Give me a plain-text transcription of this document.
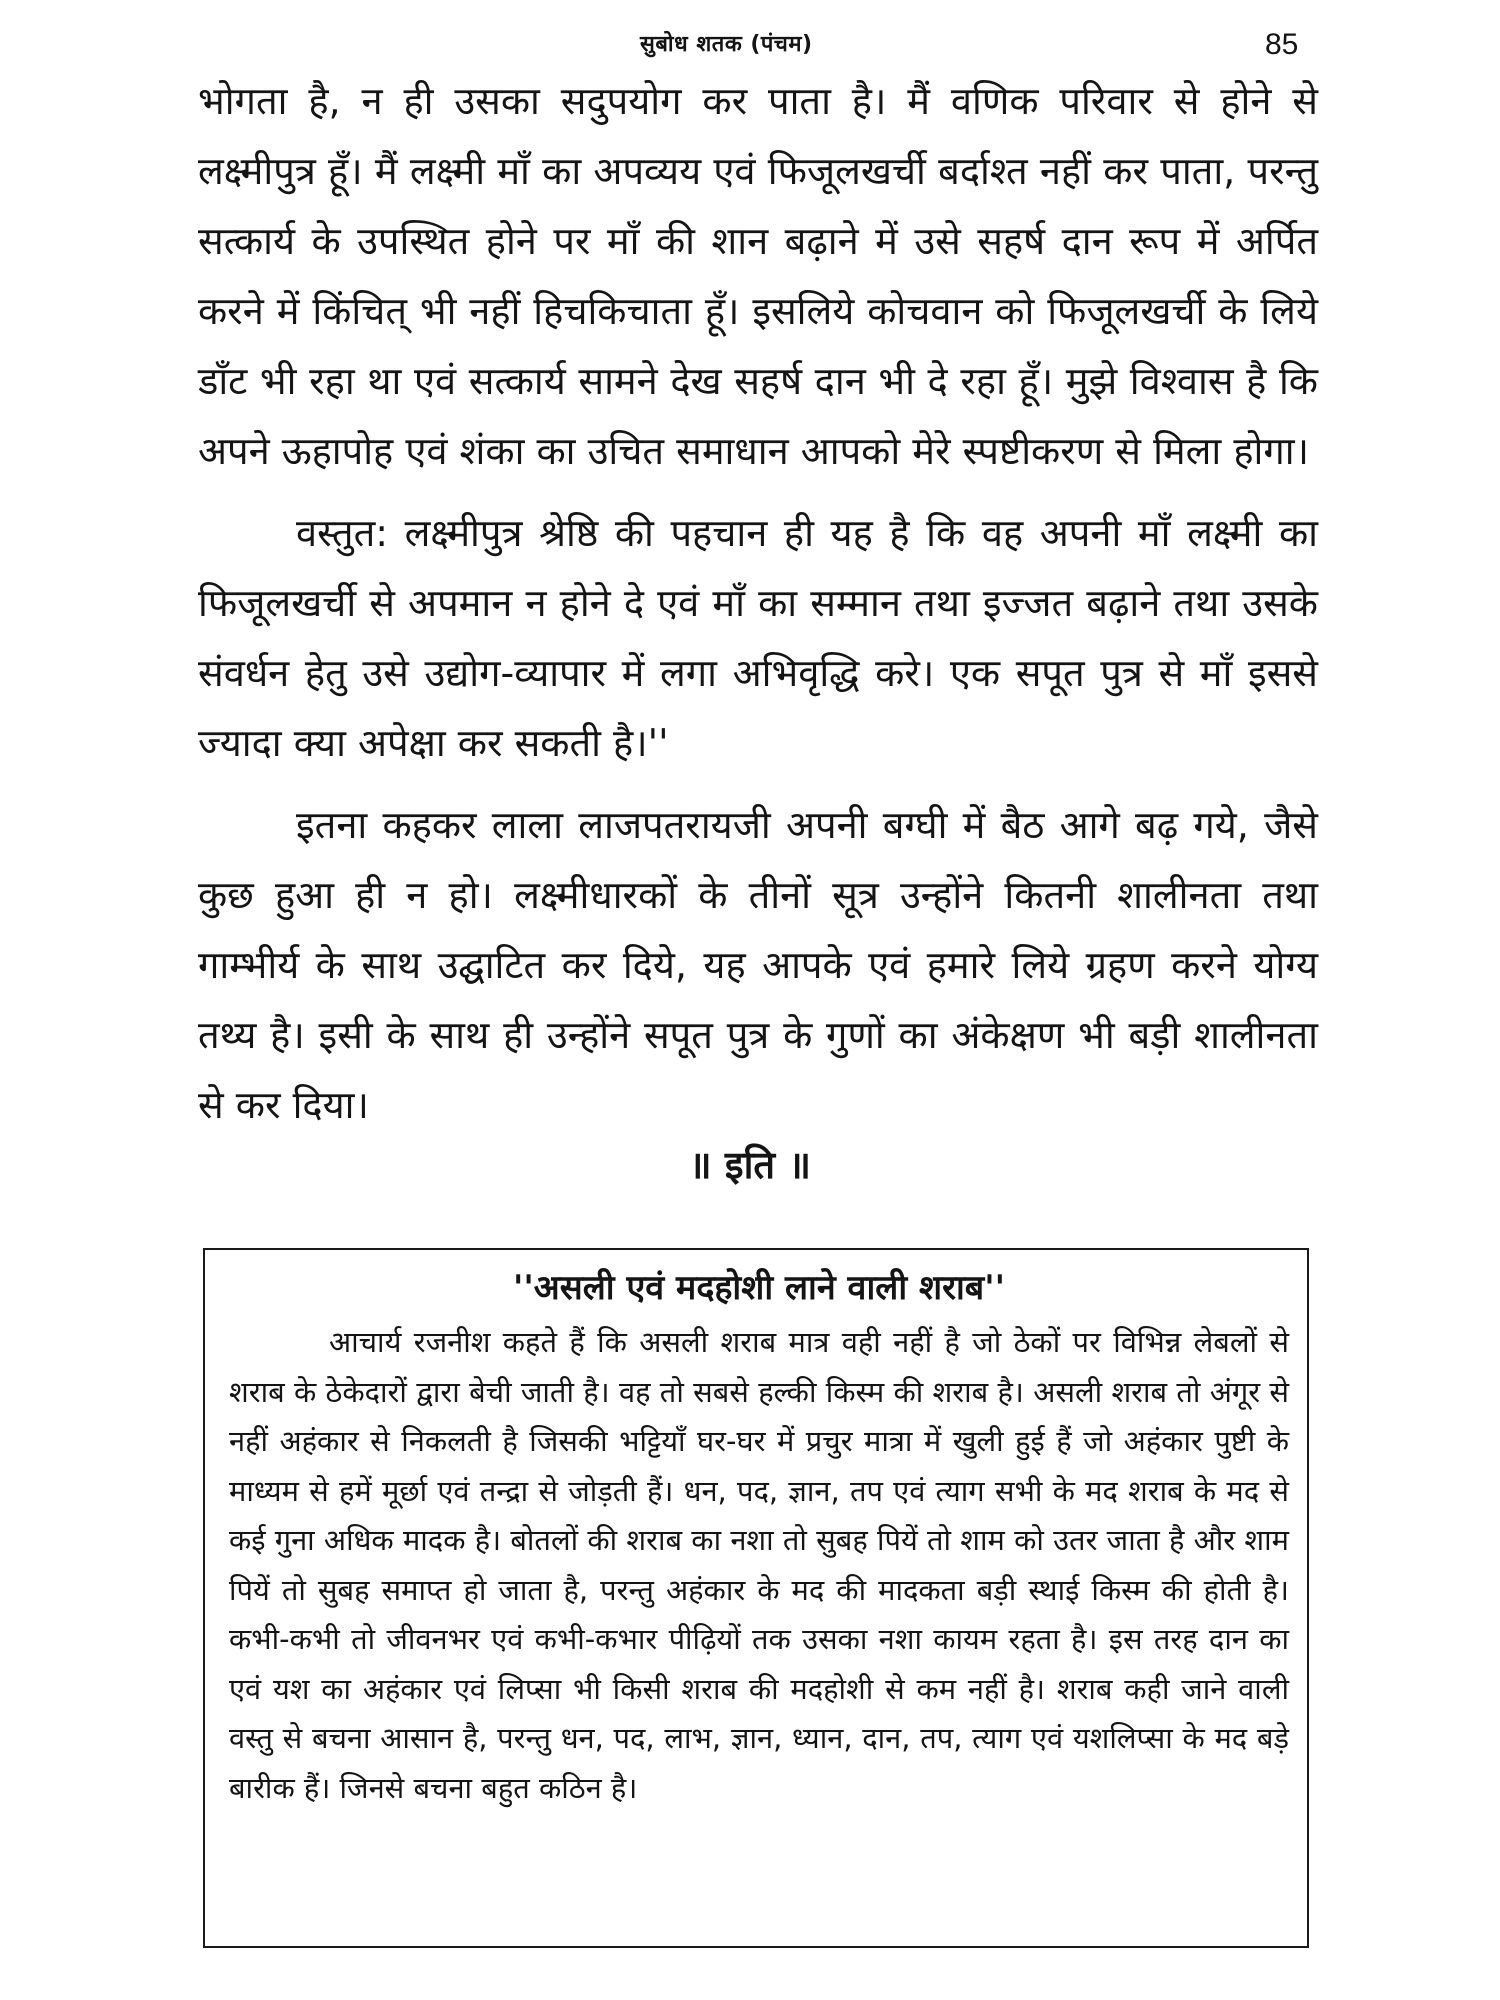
सुबोध शतक (पंचम)	85

भोगता है, न ही उसका सदुपयोग कर पाता है। मैं वणिक परिवार से होने से लक्ष्मीपुत्र हूँ। मैं लक्ष्मी माँ का अपव्यय एवं फिजूलखर्ची बर्दाश्त नहीं कर पाता, परन्तु सत्कार्य के उपस्थित होने पर माँ की शान बढ़ाने में उसे सहर्ष दान रूप में अर्पित करने में किंचित् भी नहीं हिचकिचाता हूँ। इसलिये कोचवान को फिजूलखर्ची के लिये डाँट भी रहा था एवं सत्कार्य सामने देख सहर्ष दान भी दे रहा हूँ। मुझे विश्वास है कि अपने ऊहापोह एवं शंका का उचित समाधान आपको मेरे स्पष्टीकरण से मिला होगा।

वस्तुत: लक्ष्मीपुत्र श्रेष्ठि की पहचान ही यह है कि वह अपनी माँ लक्ष्मी का फिजूलखर्ची से अपमान न होने दे एवं माँ का सम्मान तथा इज्जत बढ़ाने तथा उसके संवर्धन हेतु उसे उद्योग-व्यापार में लगा अभिवृद्धि करे। एक सपूत पुत्र से माँ इससे ज्यादा क्या अपेक्षा कर सकती है।''

इतना कहकर लाला लाजपतरायजी अपनी बग्घी में बैठ आगे बढ़ गये, जैसे कुछ हुआ ही न हो। लक्ष्मीधारकों के तीनों सूत्र उन्होंने कितनी शालीनता तथा गाम्भीर्य के साथ उद्घाटित कर दिये, यह आपके एवं हमारे लिये ग्रहण करने योग्य तथ्य है। इसी के साथ ही उन्होंने सपूत पुत्र के गुणों का अंकेक्षण भी बड़ी शालीनता से कर दिया।

॥ इति ॥

''असली एवं मदहोशी लाने वाली शराब''

आचार्य रजनीश कहते हैं कि असली शराब मात्र वही नहीं है जो ठेकों पर विभिन्न लेबलों से शराब के ठेकेदारों द्वारा बेची जाती है। वह तो सबसे हल्की किस्म की शराब है। असली शराब तो अंगूर से नहीं अहंकार से निकलती है जिसकी भट्टियाँ घर-घर में प्रचुर मात्रा में खुली हुई हैं जो अहंकार पुष्टी के माध्यम से हमें मूर्छा एवं तन्द्रा से जोड़ती हैं। धन, पद, ज्ञान, तप एवं त्याग सभी के मद शराब के मद से कई गुना अधिक मादक है। बोतलों की शराब का नशा तो सुबह पियें तो शाम को उतर जाता है और शाम पियें तो सुबह समाप्त हो जाता है, परन्तु अहंकार के मद की मादकता बड़ी स्थाई किस्म की होती है। कभी-कभी तो जीवनभर एवं कभी-कभार पीढ़ियों तक उसका नशा कायम रहता है। इस तरह दान का एवं यश का अहंकार एवं लिप्सा भी किसी शराब की मदहोशी से कम नहीं है। शराब कही जाने वाली वस्तु से बचना आसान है, परन्तु धन, पद, लाभ, ज्ञान, ध्यान, दान, तप, त्याग एवं यशलिप्सा के मद बड़े बारीक हैं। जिनसे बचना बहुत कठिन है।
